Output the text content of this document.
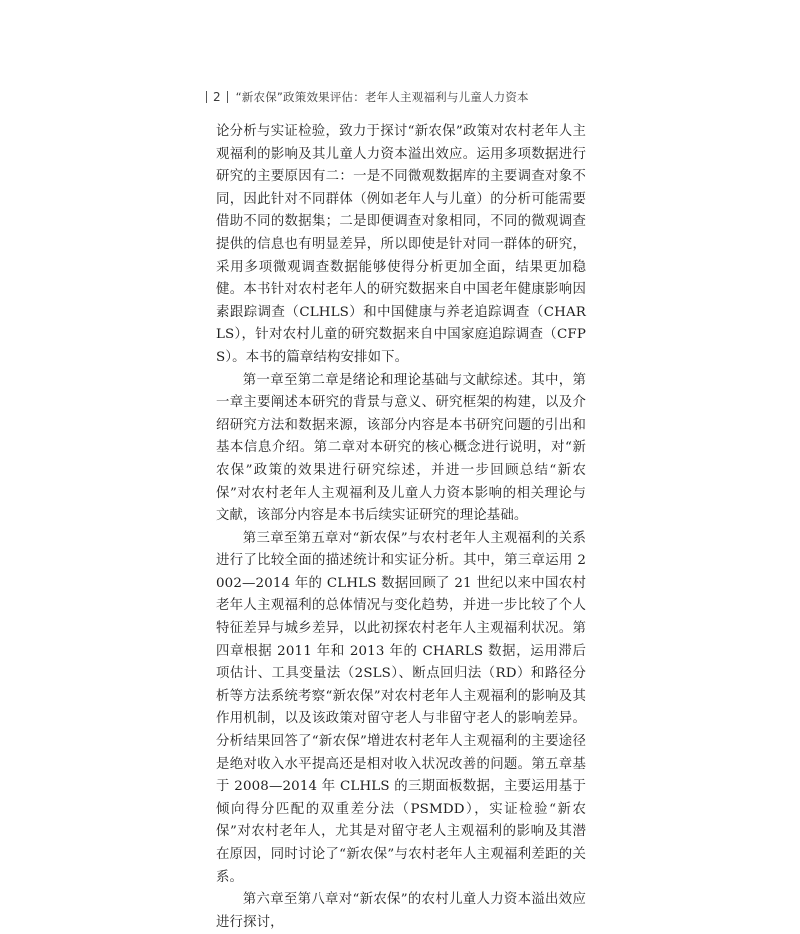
2 “新农保”政策效果评估：老年人主观福利与儿童人力资本

论分析与实证检验，致力于探讨“新农保”政策对农村老年人主观福利的影响及其儿童人力资本溢出效应。运用多项数据进行研究的主要原因有二：一是不同微观数据库的主要调查对象不同，因此针对不同群体（例如老年人与儿童）的分析可能需要借助不同的数据集；二是即便调查对象相同，不同的微观调查提供的信息也有明显差异，所以即使是针对同一群体的研究，采用多项微观调查数据能够使得分析更加全面，结果更加稳健。本书针对农村老年人的研究数据来自中国老年健康影响因素跟踪调查（CLHLS）和中国健康与养老追踪调查（CHARLS），针对农村儿童的研究数据来自中国家庭追踪调查（CFPS）。本书的篇章结构安排如下。

第一章至第二章是绪论和理论基础与文献综述。其中，第一章主要阐述本研究的背景与意义、研究框架的构建，以及介绍研究方法和数据来源，该部分内容是本书研究问题的引出和基本信息介绍。第二章对本研究的核心概念进行说明，对“新农保”政策的效果进行研究综述，并进一步回顾总结“新农保”对农村老年人主观福利及儿童人力资本影响的相关理论与文献，该部分内容是本书后续实证研究的理论基础。

第三章至第五章对“新农保”与农村老年人主观福利的关系进行了比较全面的描述统计和实证分析。其中，第三章运用 2002—2014 年的 CLHLS 数据回顾了 21 世纪以来中国农村老年人主观福利的总体情况与变化趋势，并进一步比较了个人特征差异与城乡差异，以此初探农村老年人主观福利状况。第四章根据 2011 年和 2013 年的 CHARLS 数据，运用滞后项估计、工具变量法（2SLS）、断点回归法（RD）和路径分析等方法系统考察“新农保”对农村老年人主观福利的影响及其作用机制，以及该政策对留守老人与非留守老人的影响差异。分析结果回答了“新农保”增进农村老年人主观福利的主要途径是绝对收入水平提高还是相对收入状况改善的问题。第五章基于 2008—2014 年 CLHLS 的三期面板数据，主要运用基于倾向得分匹配的双重差分法（PSMDD），实证检验“新农保”对农村老年人，尤其是对留守老人主观福利的影响及其潜在原因，同时讨论了“新农保”与农村老年人主观福利差距的关系。

第六章至第八章对“新农保”的农村儿童人力资本溢出效应进行探讨，
